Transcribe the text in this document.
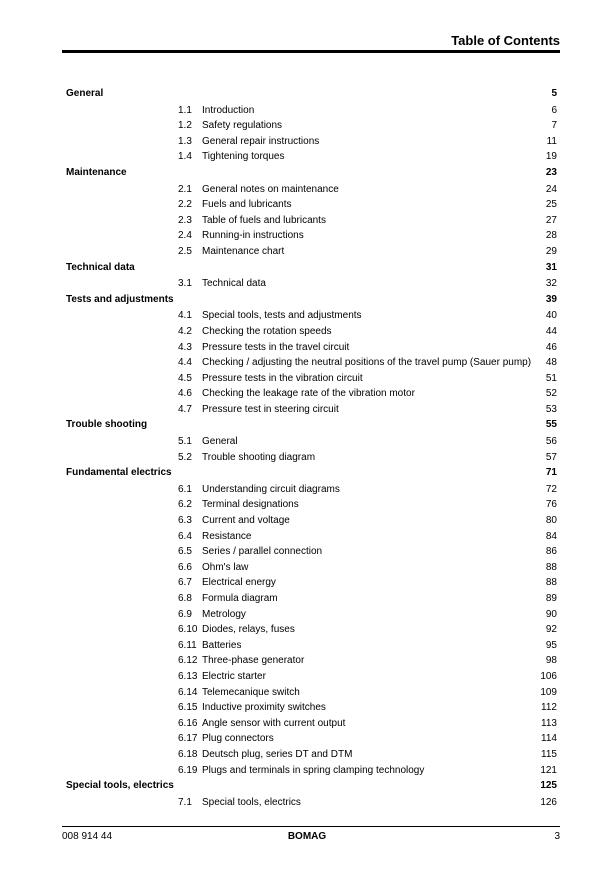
Table of Contents
General	5
1.1 Introduction	6
1.2 Safety regulations	7
1.3 General repair instructions	11
1.4 Tightening torques	19
Maintenance	23
2.1 General notes on maintenance	24
2.2 Fuels and lubricants	25
2.3 Table of fuels and lubricants	27
2.4 Running-in instructions	28
2.5 Maintenance chart	29
Technical data	31
3.1 Technical data	32
Tests and adjustments	39
4.1 Special tools, tests and adjustments	40
4.2 Checking the rotation speeds	44
4.3 Pressure tests in the travel circuit	46
4.4 Checking / adjusting the neutral positions of the travel pump (Sauer pump) 48
4.5 Pressure tests in the vibration circuit	51
4.6 Checking the leakage rate of the vibration motor	52
4.7 Pressure test in steering circuit	53
Trouble shooting	55
5.1 General	56
5.2 Trouble shooting diagram	57
Fundamental electrics	71
6.1 Understanding circuit diagrams	72
6.2 Terminal designations	76
6.3 Current and voltage	80
6.4 Resistance	84
6.5 Series / parallel connection	86
6.6 Ohm's law	88
6.7 Electrical energy	88
6.8 Formula diagram	89
6.9 Metrology	90
6.10 Diodes, relays, fuses	92
6.11 Batteries	95
6.12 Three-phase generator	98
6.13 Electric starter	106
6.14 Telemecanique switch	109
6.15 Inductive proximity switches	112
6.16 Angle sensor with current output	113
6.17 Plug connectors	114
6.18 Deutsch plug, series DT and DTM	115
6.19 Plugs and terminals in spring clamping technology	121
Special tools, electrics	125
7.1 Special tools, electrics	126
008 914 44	BOMAG	3
